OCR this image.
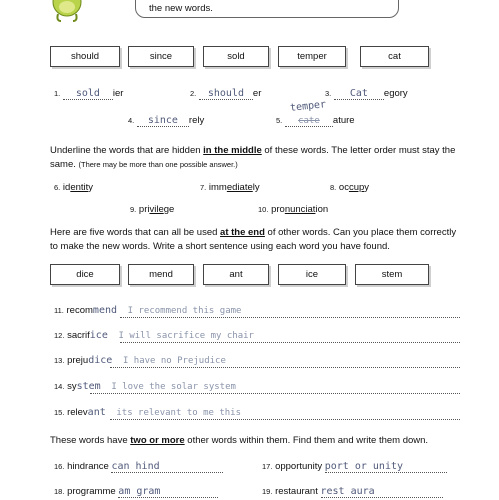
the new words.
should	since	sold	temper	cat
1. sold ier	2. should er	3. Cat egory
4. since rely	5. cate ature
temper
Underline the words that are hidden in the middle of these words. The letter order must stay the same. (There may be more than one possible answer.)
6. identity	7. immediately	8. occupy
9. privilege	10. pronunciation
Here are five words that can all be used at the end of other words. Can you place them correctly to make the new words. Write a short sentence using each word you have found.
dice	mend	ant	ice	stem
11. recommend I recommend this game
12. sacrifice I will sacrifice my chair
13. prejudice I have no Prejudice
14. system I love the solar system
15. relevant its relevant to me this
These words have two or more other words within them. Find them and write them down.
16. hindrance can hind	17. opportunity port or unity
18. programme am gram	19. restaurant rest aura
